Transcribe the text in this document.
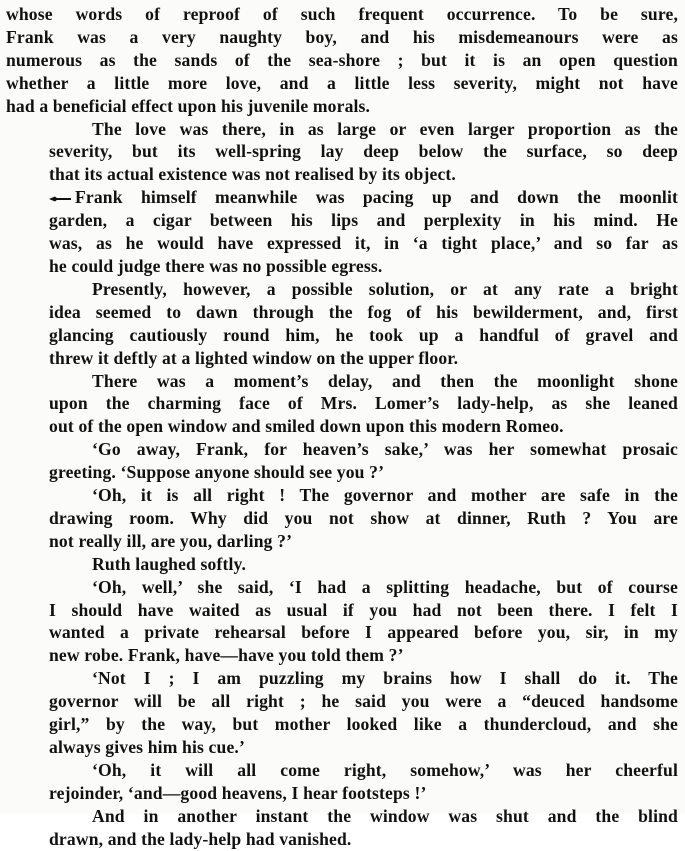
whose words of reproof of such frequent occurrence. To be sure,
Frank was a very naughty boy, and his misdemeanours were as
numerous as the sands of the sea-shore ; but it is an open question
whether a little more love, and a little less severity, might not have
had a beneficial effect upon his juvenile morals.

The love was there, in as large or even larger proportion as the
severity, but its well-spring lay deep below the surface, so deep
that its actual existence was not realised by its object.

Frank himself meanwhile was pacing up and down the moonlit
garden, a cigar between his lips and perplexity in his mind. He
was, as he would have expressed it, in ‘a tight place,’ and so far as
he could judge there was no possible egress.

Presently, however, a possible solution, or at any rate a bright
idea seemed to dawn through the fog of his bewilderment, and, first
glancing cautiously round him, he took up a handful of gravel and
threw it deftly at a lighted window on the upper floor.

There was a moment’s delay, and then the moonlight shone
upon the charming face of Mrs. Lomer’s lady-help, as she leaned
out of the open window and smiled down upon this modern Romeo.

‘Go away, Frank, for heaven’s sake,’ was her somewhat prosaic
greeting. ‘Suppose anyone should see you ?’

‘Oh, it is all right ! The governor and mother are safe in the
drawing room. Why did you not show at dinner, Ruth ? You are
not really ill, are you, darling ?’

Ruth laughed softly.

‘Oh, well,’ she said, ‘I had a splitting headache, but of course
I should have waited as usual if you had not been there. I felt I
wanted a private rehearsal before I appeared before you, sir, in my
new robe. Frank, have—have you told them ?’

‘Not I ; I am puzzling my brains how I shall do it. The
governor will be all right ; he said you were a “deuced handsome
girl,” by the way, but mother looked like a thundercloud, and she
always gives him his cue.’

‘Oh, it will all come right, somehow,’ was her cheerful
rejoinder, ‘and—good heavens, I hear footsteps !’

And in another instant the window was shut and the blind
drawn, and the lady-help had vanished.
